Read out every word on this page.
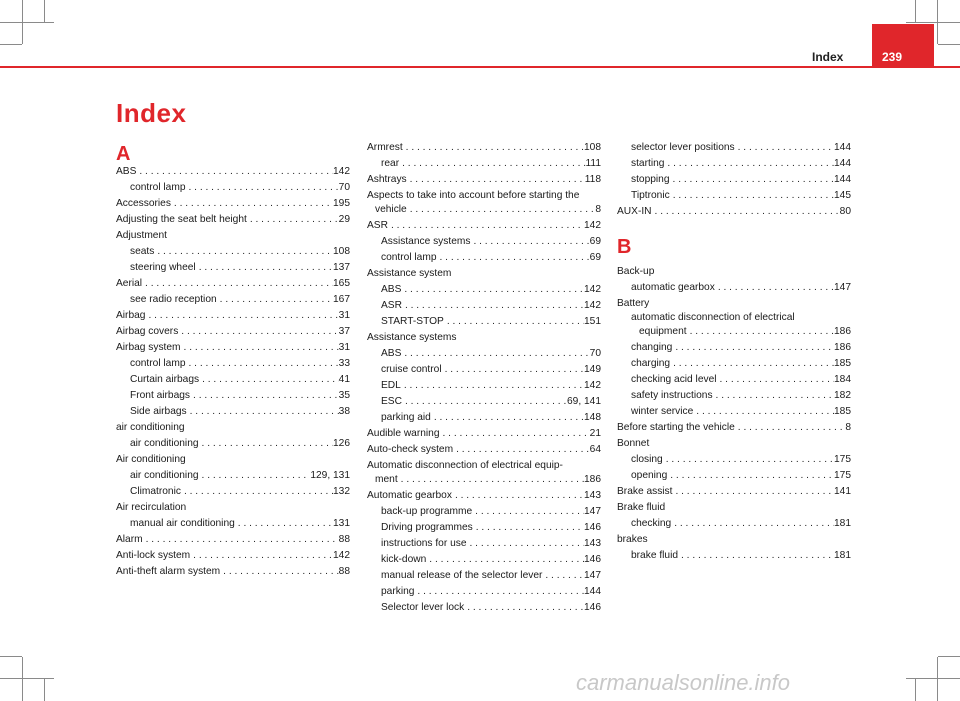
Index	239
Index
A
ABS . . .	142
control lamp . . .	70
Accessories . . .	195
Adjusting the seat belt height . . .	29
Adjustment
seats . . .	108
steering wheel . . .	137
Aerial . . .	165
see radio reception . . .	167
Airbag . . .	31
Airbag covers . . .	37
Airbag system . . .	31
control lamp . . .	33
Curtain airbags . . .	41
Front airbags . . .	35
Side airbags . . .	38
air conditioning
air conditioning . . .	126
Air conditioning
air conditioning . . .	129, 131
Climatronic . . .	132
Air recirculation
manual air conditioning . . .	131
Alarm . . .	88
Anti-lock system . . .	142
Anti-theft alarm system . . .	88
Armrest . . .	108
rear . . .	111
Ashtrays . . .	118
Aspects to take into account before starting the
vehicle . . .	8
ASR . . .	142
Assistance systems . . .	69
control lamp . . .	69
Assistance system
ABS . . .	142
ASR . . .	142
START-STOP . . .	151
Assistance systems
ABS . . .	70
cruise control . . .	149
EDL . . .	142
ESC . . .	69, 141
parking aid . . .	148
Audible warning . . .	21
Auto-check system . . .	64
Automatic disconnection of electrical equip-
ment . . .	186
Automatic gearbox . . .	143
back-up programme . . .	147
Driving programmes . . .	146
instructions for use . . .	143
kick-down . . .	146
manual release of the selector lever . . .	147
parking . . .	144
Selector lever lock . . .	146
selector lever positions . . .	144
starting . . .	144
stopping . . .	144
Tiptronic . . .	145
AUX-IN . . .	80
B
Back-up
automatic gearbox . . .	147
Battery
automatic disconnection of electrical
equipment . . .	186
changing . . .	186
charging . . .	185
checking acid level . . .	184
safety instructions . . .	182
winter service . . .	185
Before starting the vehicle . . .	8
Bonnet
closing . . .	175
opening . . .	175
Brake assist . . .	141
Brake fluid
checking . . .	181
brakes
brake fluid . . .	181
carmanualsonline.info
